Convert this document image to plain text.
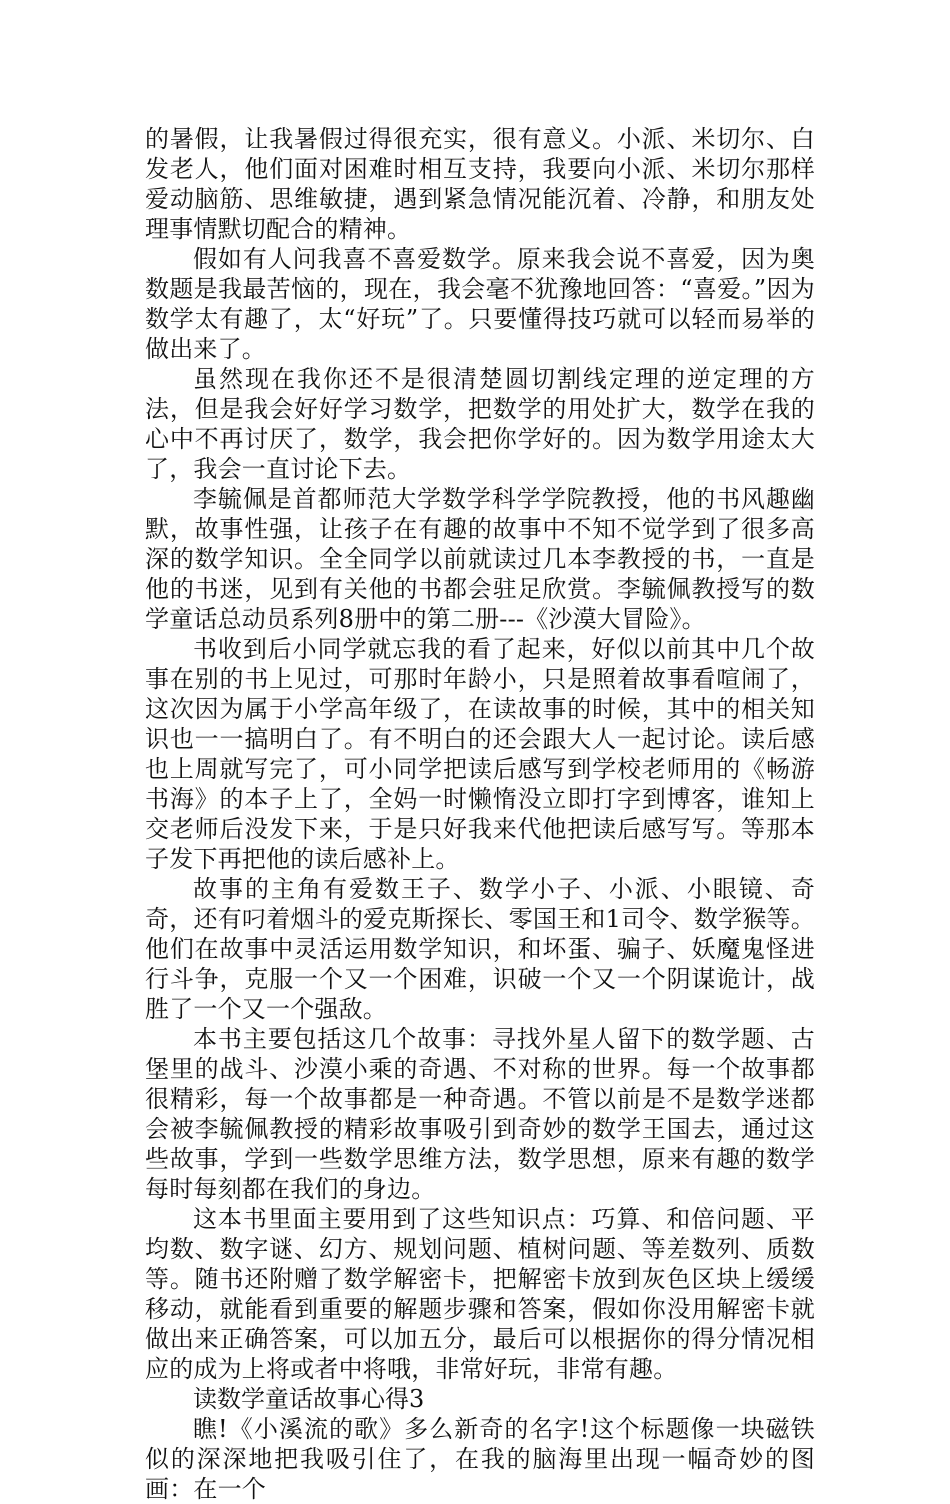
的暑假，让我暑假过得很充实，很有意义。小派、米切尔、白发老人，他们面对困难时相互支持，我要向小派、米切尔那样爱动脑筋、思维敏捷，遇到紧急情况能沉着、冷静，和朋友处理事情默切配合的精神。

假如有人问我喜不喜爱数学。原来我会说不喜爱，因为奥数题是我最苦恼的，现在，我会毫不犹豫地回答：“喜爱。”因为数学太有趣了，太“好玩”了。只要懂得技巧就可以轻而易举的做出来了。

虽然现在我你还不是很清楚圆切割线定理的逆定理的方法，但是我会好好学习数学，把数学的用处扩大，数学在我的心中不再讨厌了，数学，我会把你学好的。因为数学用途太大了，我会一直讨论下去。

李毓佩是首都师范大学数学科学学院教授，他的书风趣幽默，故事性强，让孩子在有趣的故事中不知不觉学到了很多高深的数学知识。全全同学以前就读过几本李教授的书，一直是他的书迷，见到有关他的书都会驻足欣赏。李毓佩教授写的数学童话总动员系列8册中的第二册---《沙漠大冒险》。

书收到后小同学就忘我的看了起来，好似以前其中几个故事在别的书上见过，可那时年龄小，只是照着故事看喧闹了，这次因为属于小学高年级了，在读故事的时候，其中的相关知识也一一搞明白了。有不明白的还会跟大人一起讨论。读后感也上周就写完了，可小同学把读后感写到学校老师用的《畅游书海》的本子上了，全妈一时懒惰没立即打字到博客，谁知上交老师后没发下来，于是只好我来代他把读后感写写。等那本子发下再把他的读后感补上。

故事的主角有爱数王子、数学小子、小派、小眼镜、奇奇，还有叼着烟斗的爱克斯探长、零国王和1司令、数学猴等。他们在故事中灵活运用数学知识，和坏蛋、骗子、妖魔鬼怪进行斗争，克服一个又一个困难，识破一个又一个阴谋诡计，战胜了一个又一个强敌。

本书主要包括这几个故事：寻找外星人留下的数学题、古堡里的战斗、沙漠小乘的奇遇、不对称的世界。每一个故事都很精彩，每一个故事都是一种奇遇。不管以前是不是数学迷都会被李毓佩教授的精彩故事吸引到奇妙的数学王国去，通过这些故事，学到一些数学思维方法，数学思想，原来有趣的数学每时每刻都在我们的身边。

这本书里面主要用到了这些知识点：巧算、和倍问题、平均数、数字谜、幻方、规划问题、植树问题、等差数列、质数等。随书还附赠了数学解密卡，把解密卡放到灰色区块上缓缓移动，就能看到重要的解题步骤和答案，假如你没用解密卡就做出来正确答案，可以加五分，最后可以根据你的得分情况相应的成为上将或者中将哦，非常好玩，非常有趣。

读数学童话故事心得3

瞧!《小溪流的歌》多么新奇的名字!这个标题像一块磁铁似的深深地把我吸引住了，在我的脑海里出现一幅奇妙的图画：在一个
